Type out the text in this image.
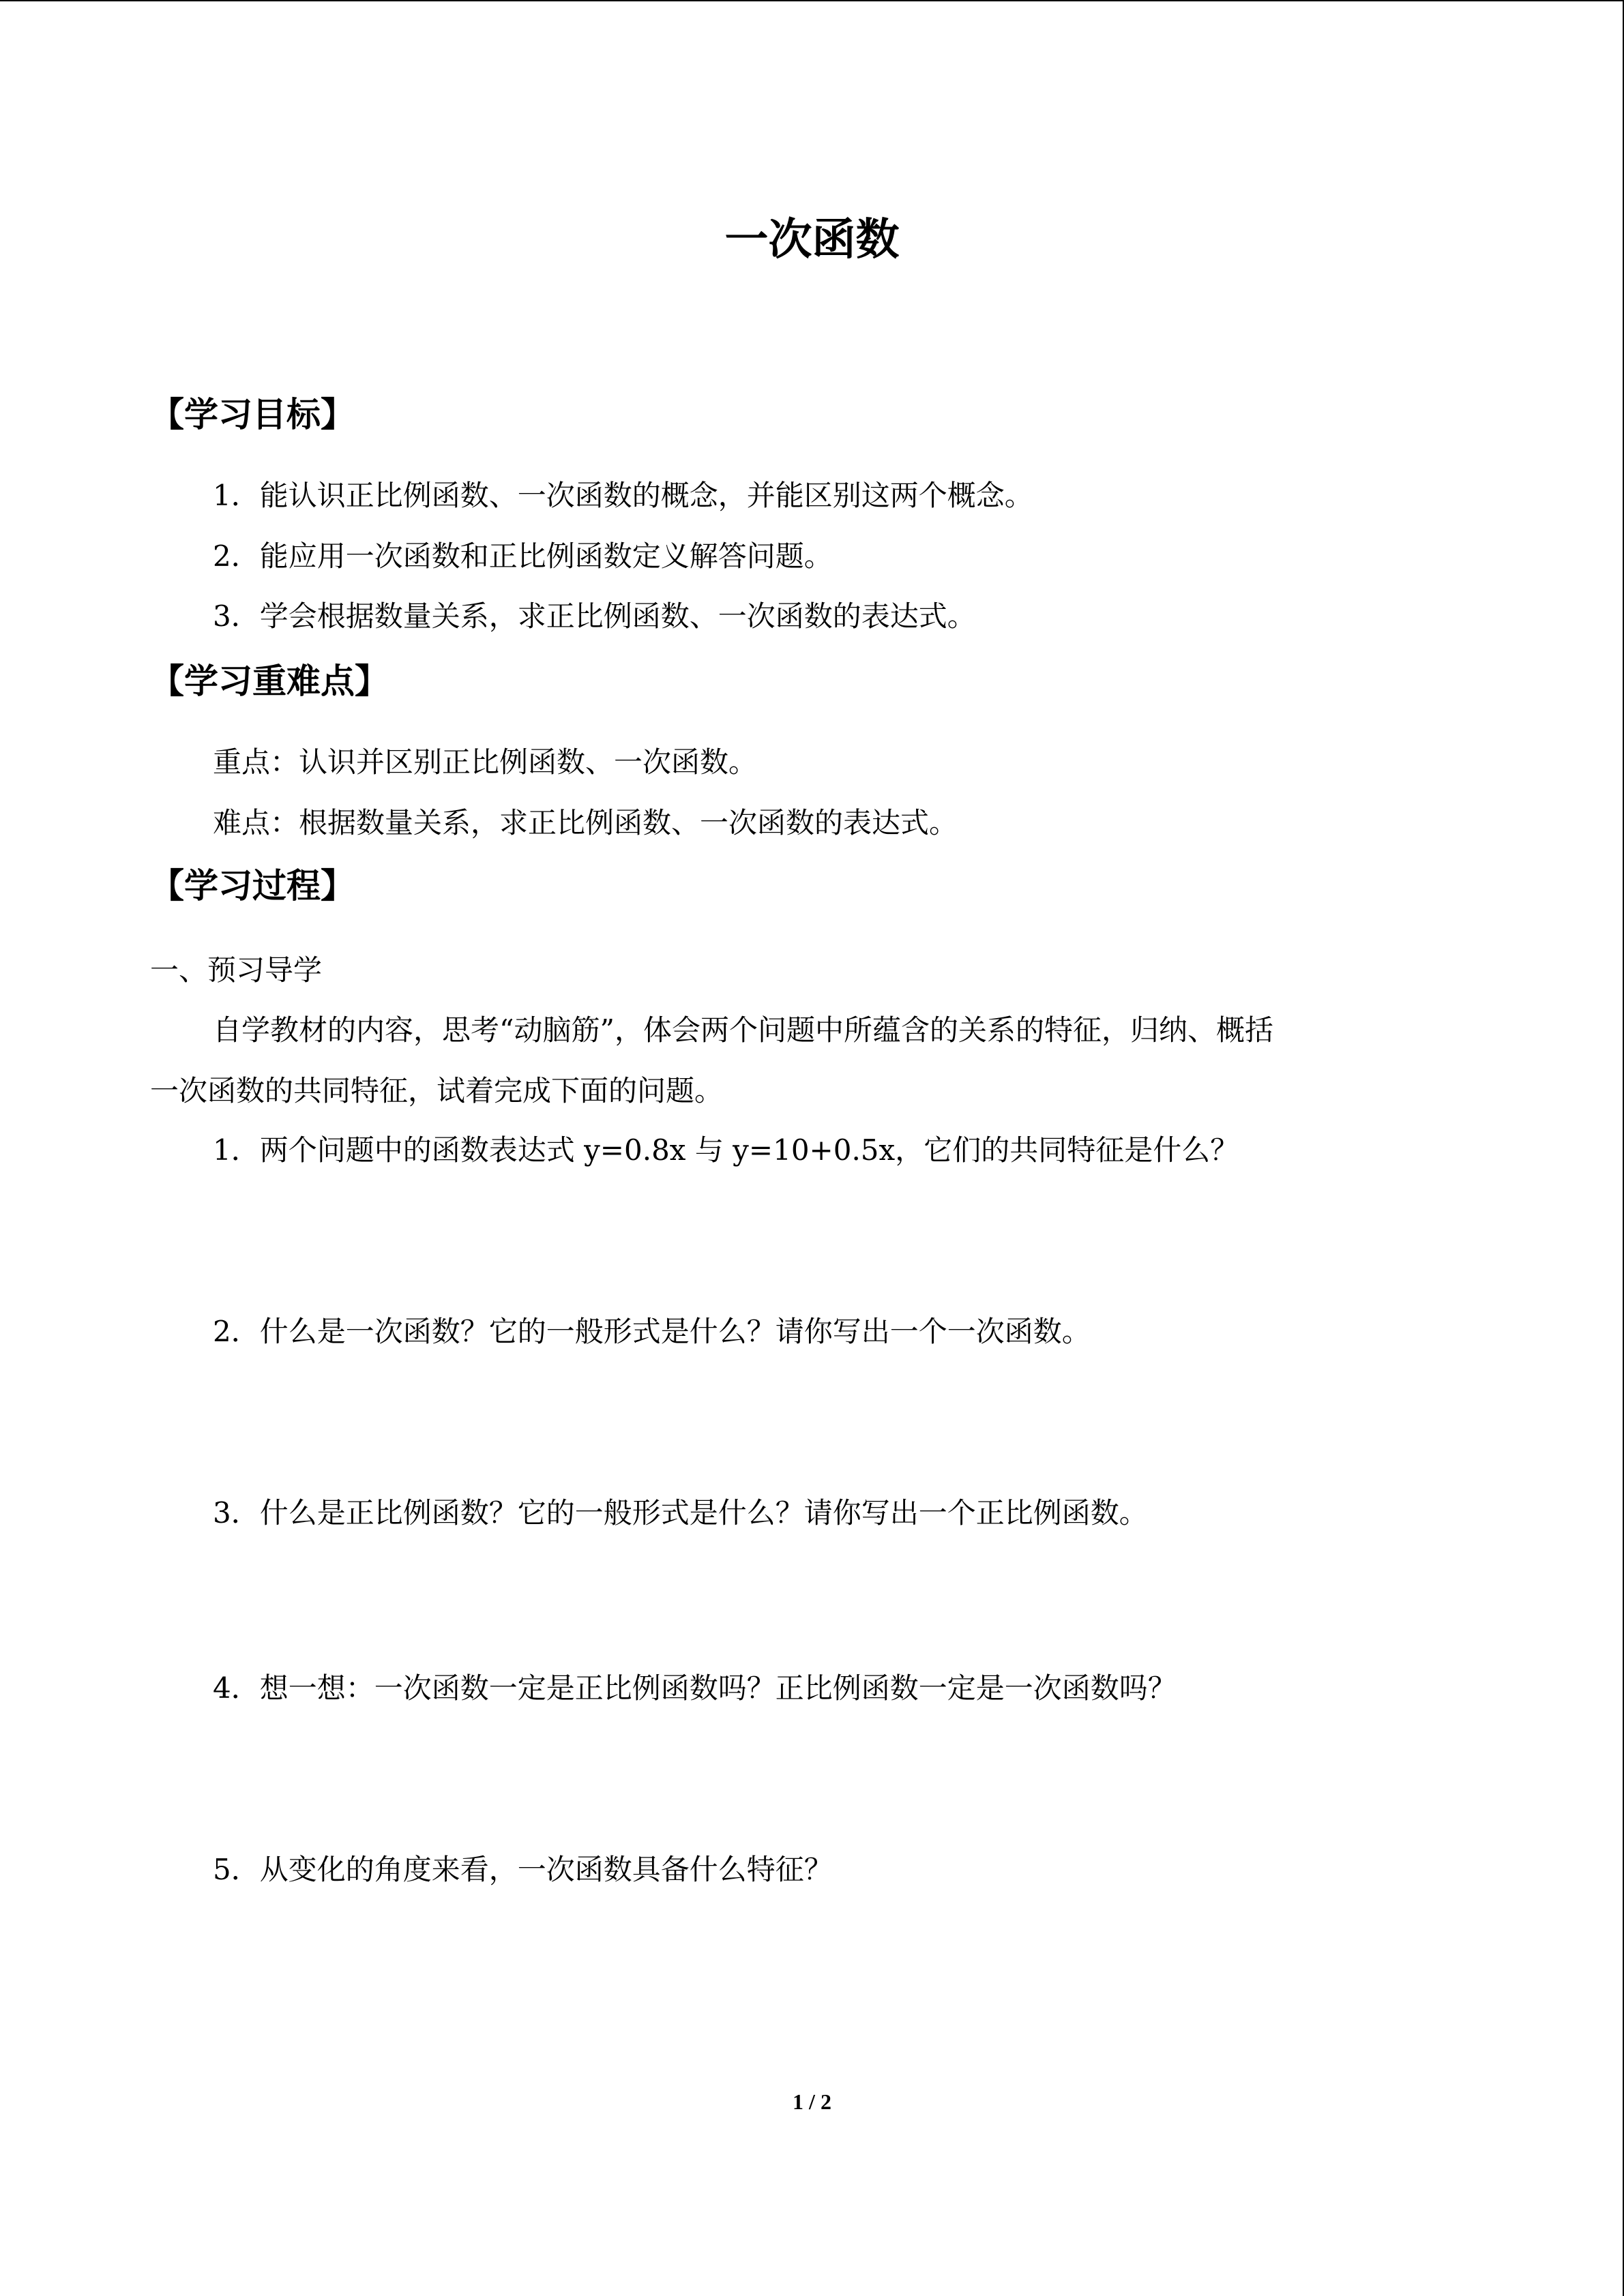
一次函数
【学习目标】
1．能认识正比例函数、一次函数的概念，并能区别这两个概念。
2．能应用一次函数和正比例函数定义解答问题。
3．学会根据数量关系，求正比例函数、一次函数的表达式。
【学习重难点】
重点：认识并区别正比例函数、一次函数。
难点：根据数量关系，求正比例函数、一次函数的表达式。
【学习过程】
一、预习导学
自学教材的内容，思考“动脑筋”，体会两个问题中所蕴含的关系的特征，归纳、概括
一次函数的共同特征，试着完成下面的问题。
1．两个问题中的函数表达式 y=0.8x 与 y=10+0.5x，它们的共同特征是什么？
2．什么是一次函数？它的一般形式是什么？请你写出一个一次函数。
3．什么是正比例函数？它的一般形式是什么？请你写出一个正比例函数。
4．想一想：一次函数一定是正比例函数吗？正比例函数一定是一次函数吗？
5．从变化的角度来看，一次函数具备什么特征？
1 / 2
